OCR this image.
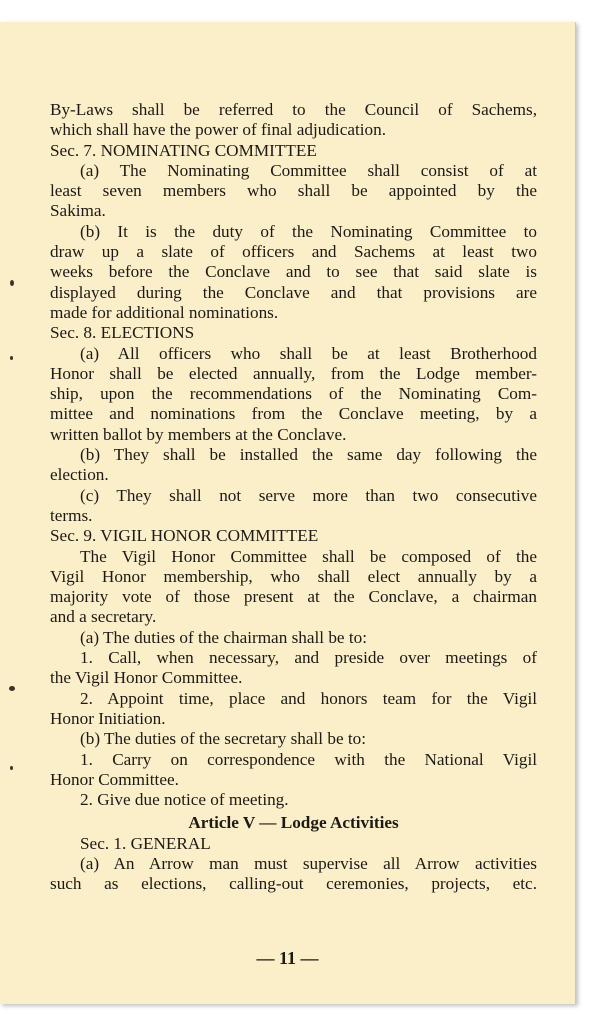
By-Laws shall be referred to the Council of Sachems,
which shall have the power of final adjudication.
Sec. 7. NOMINATING COMMITTEE
(a) The Nominating Committee shall consist of at
least seven members who shall be appointed by the
Sakima.
(b) It is the duty of the Nominating Committee to
draw up a slate of officers and Sachems at least two
weeks before the Conclave and to see that said slate is
displayed during the Conclave and that provisions are
made for additional nominations.
Sec. 8. ELECTIONS
(a) All officers who shall be at least Brotherhood
Honor shall be elected annually, from the Lodge member-
ship, upon the recommendations of the Nominating Com-
mittee and nominations from the Conclave meeting, by a
written ballot by members at the Conclave.
(b) They shall be installed the same day following the
election.
(c) They shall not serve more than two consecutive
terms.
Sec. 9. VIGIL HONOR COMMITTEE
The Vigil Honor Committee shall be composed of the
Vigil Honor membership, who shall elect annually by a
majority vote of those present at the Conclave, a chairman
and a secretary.
(a) The duties of the chairman shall be to:
1. Call, when necessary, and preside over meetings of
the Vigil Honor Committee.
2. Appoint time, place and honors team for the Vigil
Honor Initiation.
(b) The duties of the secretary shall be to:
1. Carry on correspondence with the National Vigil
Honor Committee.
2. Give due notice of meeting.
Article V — Lodge Activities
Sec. 1. GENERAL
(a) An Arrow man must supervise all Arrow activities
such as elections, calling-out ceremonies, projects, etc.
— 11 —
